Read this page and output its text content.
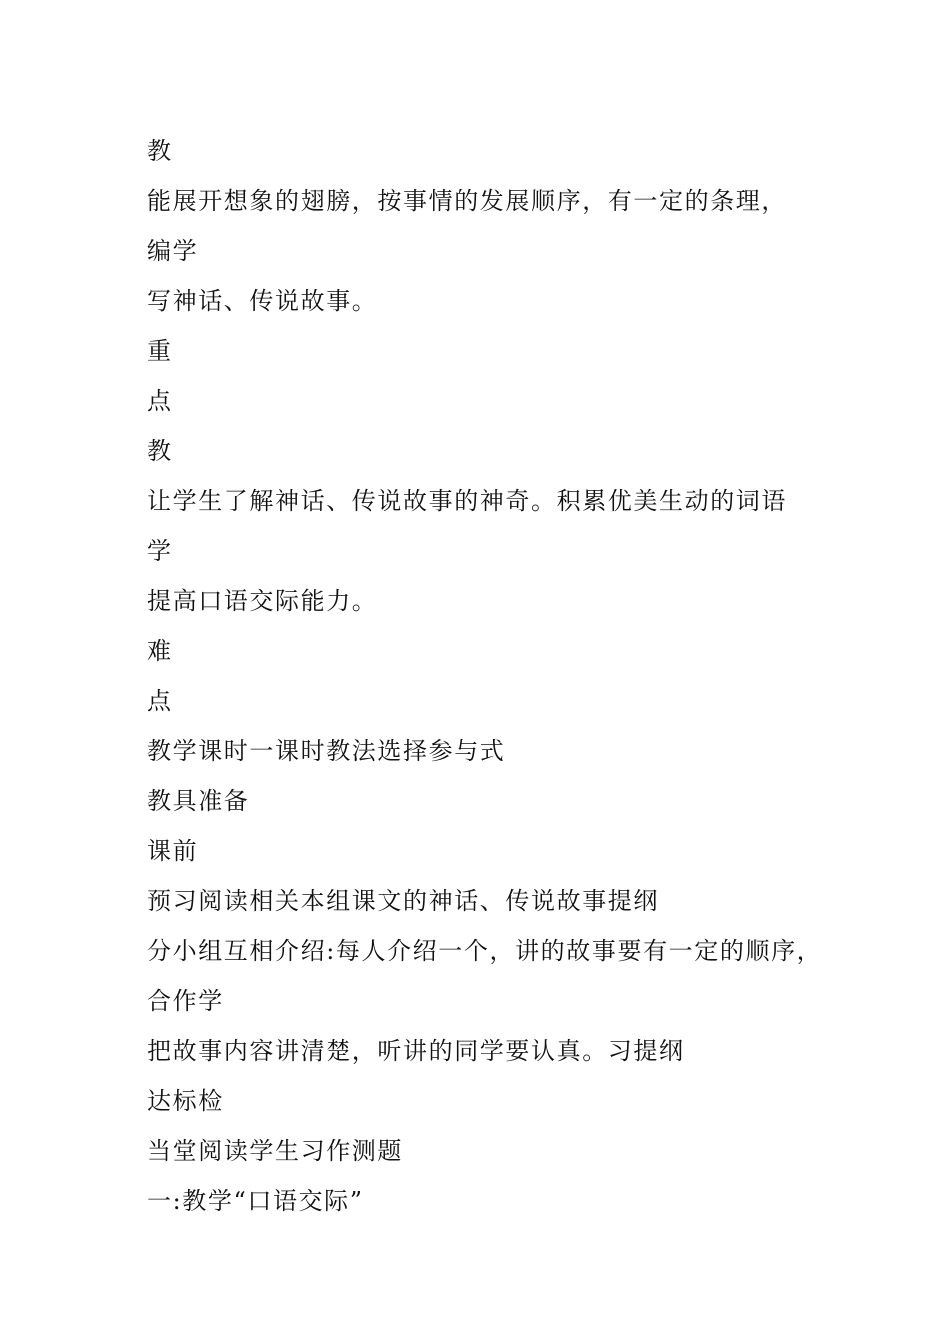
教
能展开想象的翅膀，按事情的发展顺序，有一定的条理，
编学
写神话、传说故事。
重
点
教
让学生了解神话、传说故事的神奇。积累优美生动的词语
学
提高口语交际能力。
难
点
教学课时一课时教法选择参与式
教具准备
课前
预习阅读相关本组课文的神话、传说故事提纲
分小组互相介绍:每人介绍一个，讲的故事要有一定的顺序，
合作学
把故事内容讲清楚，听讲的同学要认真。习提纲
达标检
当堂阅读学生习作测题
一:教学“口语交际”
